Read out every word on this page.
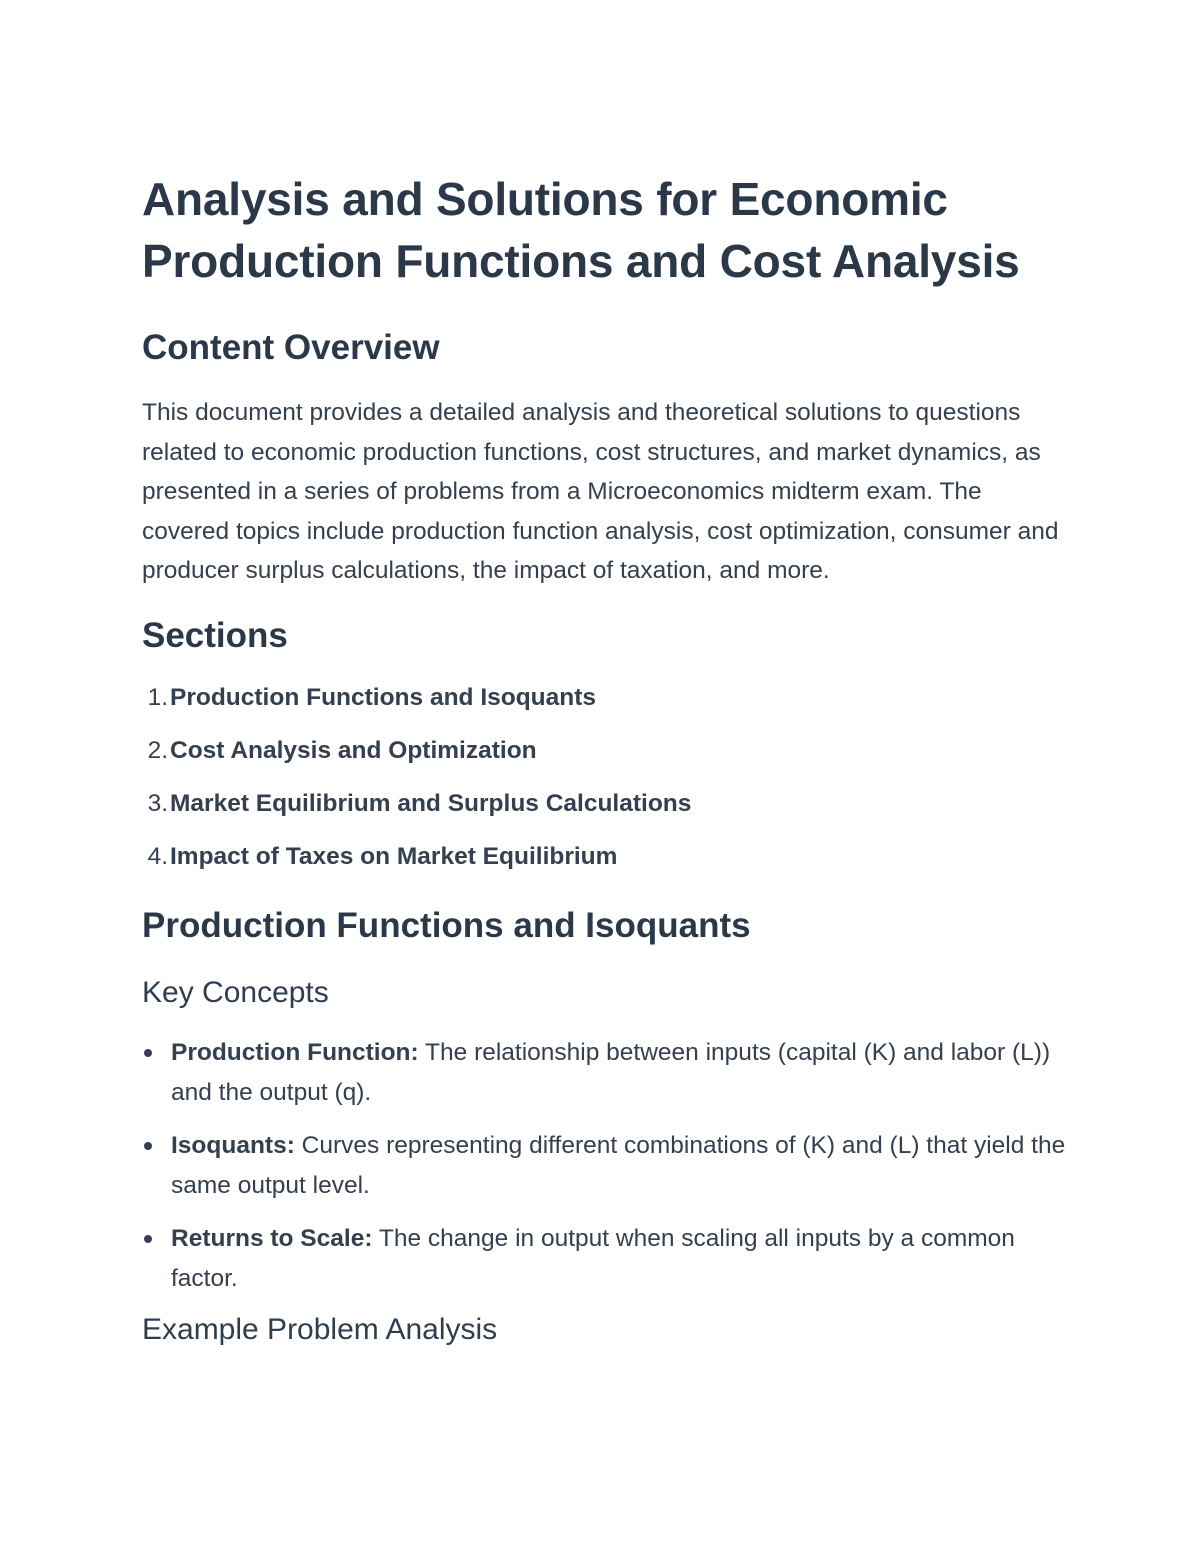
Analysis and Solutions for Economic Production Functions and Cost Analysis
Content Overview

This document provides a detailed analysis and theoretical solutions to questions related to economic production functions, cost structures, and market dynamics, as presented in a series of problems from a Microeconomics midterm exam. The covered topics include production function analysis, cost optimization, consumer and producer surplus calculations, the impact of taxation, and more.

Sections
1. Production Functions and Isoquants
2. Cost Analysis and Optimization
3. Market Equilibrium and Surplus Calculations
4. Impact of Taxes on Market Equilibrium
Production Functions and Isoquants
Key Concepts
Production Function: The relationship between inputs (capital (K) and labor (L)) and the output (q).
Isoquants: Curves representing different combinations of (K) and (L) that yield the same output level.
Returns to Scale: The change in output when scaling all inputs by a common factor.
Example Problem Analysis
